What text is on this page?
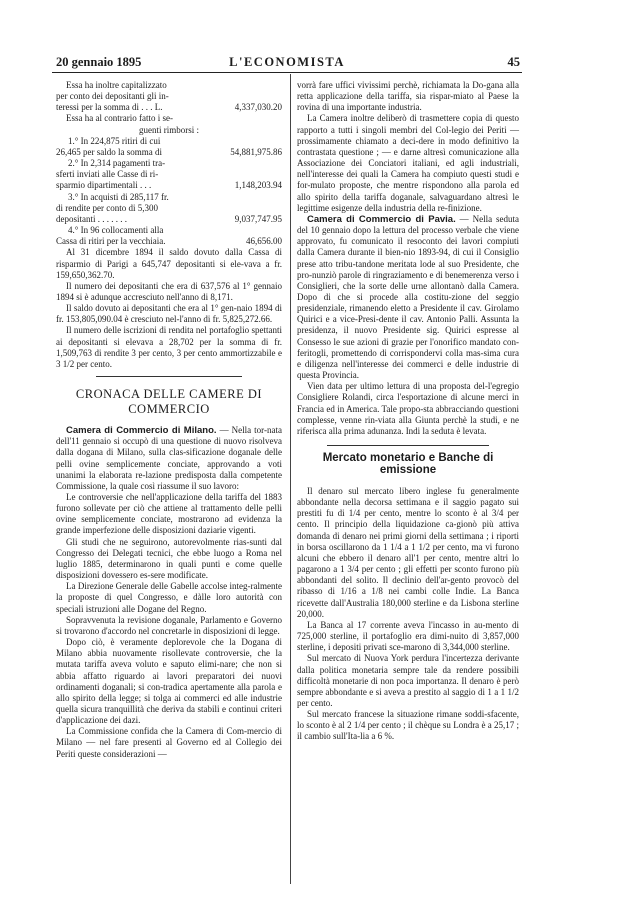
20 gennaio 1895	L'ECONOMISTA	45

Essa ha inoltre capitalizzato

per conto dei depositanti gli in-

teressi per la somma di . . . L.	4,337,030.20

Essa ha al contrario fatto i se-

guenti rimborsi :

1.° In 224,875 ritiri di cui

26,465 per saldo la somma di	54,881,975.86

2.° In 2,314 pagamenti tra-

sferti inviati alle Casse di ri-

sparmio dipartimentali . . .	1,148,203.94

3.° In acquisti di 285,117 fr.

di rendite per conto di 5,300

depositanti . . . . . . .	9,037,747.95

4.° In 96 collocamenti alla

Cassa di ritiri per la vecchiaia.	46,656.00

Al 31 dicembre 1894 il saldo dovuto dalla Cassa di risparmio di Parigi a 645,747 depositanti si ele-vava a fr. 159,650,362.70.

Il numero dei depositanti che era di 637,576 al 1° gennaio 1894 si è adunque accresciuto nell'anno di 8,171.

Il saldo dovuto ai depositanti che era al 1° gen-naio 1894 di fr. 153,805,090.04 è cresciuto nel-l'anno di fr. 5,825,272.66.

Il numero delle iscrizioni di rendita nel portafoglio spettanti ai depositanti si elevava a 28,702 per la somma di fr. 1,509,763 di rendite 3 per cento, 3 per cento ammortizzabile e 3 1/2 per cento.

CRONACA DELLE CAMERE DI COMMERCIO

Camera di Commercio di Milano. — Nella tor-nata dell'11 gennaio si occupò di una questione di nuovo risolveva dalla dogana di Milano, sulla clas-sificazione doganale delle pelli ovine semplicemente conciate, approvando a voti unanimi la elaborata re-lazione predisposta dalla competente Commissione, la quale così riassume il suo lavoro:

Le controversie che nell'applicazione della tariffa del 1883 furono sollevate per ciò che attiene al trattamento delle pelli ovine semplicemente conciate, mostrarono ad evidenza la grande imperfezione delle disposizioni daziarie vigenti.

Gli studi che ne seguirono, autorevolmente rias-sunti dal Congresso dei Delegati tecnici, che ebbe luogo a Roma nel luglio 1885, determinarono in quali punti e come quelle disposizioni dovessero es-sere modificate.

La Direzione Generale delle Gabelle accolse integ-ralmente la proposte di quel Congresso, e dàlle loro autorità con speciali istruzioni alle Dogane del Regno.

Sopravvenuta la revisione doganale, Parlamento e Governo si trovarono d'accordo nel concretarle in disposizioni di legge.

Dopo ciò, è veramente deplorevole che la Dogana di Milano abbia nuovamente risollevate controversie, che la mutata tariffa aveva voluto e saputo elimi-nare; che non si abbia affatto riguardo ai lavori preparatori dei nuovi ordinamenti doganali; si con-tradica apertamente alla parola e allo spirito della legge; si tolga ai commerci ed alle industrie quella sicura tranquillità che deriva da stabili e continui criteri d'applicazione dei dazi.

La Commissione confida che la Camera di Com-mercio di Milano — nel fare presenti al Governo ed al Collegio dei Periti queste considerazioni —

vorrà fare uffici vivissimi perchè, richiamata la Do-gana alla retta applicazione della tariffa, sia rispar-miato al Paese la rovina di una importante industria.

La Camera inoltre deliberò di trasmettere copia di questo rapporto a tutti i singoli membri del Col-legio dei Periti — prossimamente chiamato a deci-dere in modo definitivo la contrastata questione ; — e darne altresì comunicazione alla Associazione dei Conciatori italiani, ed agli industriali, nell'interesse dei quali la Camera ha compiuto questi studi e for-mulato proposte, che mentre rispondono alla parola ed allo spirito della tariffa doganale, salvaguardano altresì le legittime esigenze della industria della re-finizione.

Camera di Commercio di Pavia. — Nella seduta del 10 gennaio dopo la lettura del processo verbale che viene approvato, fu comunicato il resoconto dei lavori compiuti dalla Camera durante il bien-nio 1893-94, di cui il Consiglio prese atto tribu-tandone meritata lode al suo Presidente, che pro-nunziò parole di ringraziamento e di benemerenza verso i Consiglieri, che la sorte delle urne allontanò dalla Camera. Dopo di che si procede alla costitu-zione del seggio presidenziale, rimanendo eletto a Presidente il cav. Girolamo Quirici e a vice-Presi-dente il cav. Antonio Palli. Assunta la presidenza, il nuovo Presidente sig. Quirici espresse al Consesso le sue azioni di grazie per l'onorifico mandato con-feritogli, promettendo di corrispondervi colla mas-sima cura e diligenza nell'interesse dei commerci e delle industrie di questa Provincia.

Vien data per ultimo lettura di una proposta del-l'egregio Consigliere Rolandi, circa l'esportazione di alcune merci in Francia ed in America. Tale propo-sta abbracciando questioni complesse, venne rin-viata alla Giunta perchè la studi, e ne riferisca alla prima adunanza. Indi la seduta è levata.

Mercato monetario e Banche di emissione

Il denaro sul mercato libero inglese fu generalmente abbondante nella decorsa settimana e il saggio pagato sui prestiti fu di 1/4 per cento, mentre lo sconto è al 3/4 per cento. Il principio della liquidazione ca-gionò più attiva domanda di denaro nei primi giorni della settimana ; i riporti in borsa oscillarono da 1 1/4 a 1 1/2 per cento, ma vi furono alcuni che ebbero il denaro all'1 per cento, mentre altri lo pagarono a 1 3/4 per cento ; gli effetti per sconto furono più abbondanti del solito. Il declinio dell'ar-gento provocò del ribasso di 1/16 a 1/8 nei cambi colle Indie. La Banca ricevette dall'Australia 180,000 sterline e da Lisbona sterline 20,000.

La Banca al 17 corrente aveva l'incasso in au-mento di 725,000 sterline, il portafoglio era dimi-nuito di 3,857,000 sterline, i depositi privati sce-marono di 3,344,000 sterline.

Sul mercato di Nuova York perdura l'incertezza derivante dalla politica monetaria sempre tale da rendere possibili difficoltà monetarie di non poca importanza. Il denaro è però sempre abbondante e si aveva a prestito al saggio di 1 a 1 1/2 per cento.

Sul mercato francese la situazione rimane soddi-sfacente, lo sconto è al 2 1/4 per cento ; il chèque su Londra è a 25,17 ; il cambio sull'Ita-lia a 6 %.
